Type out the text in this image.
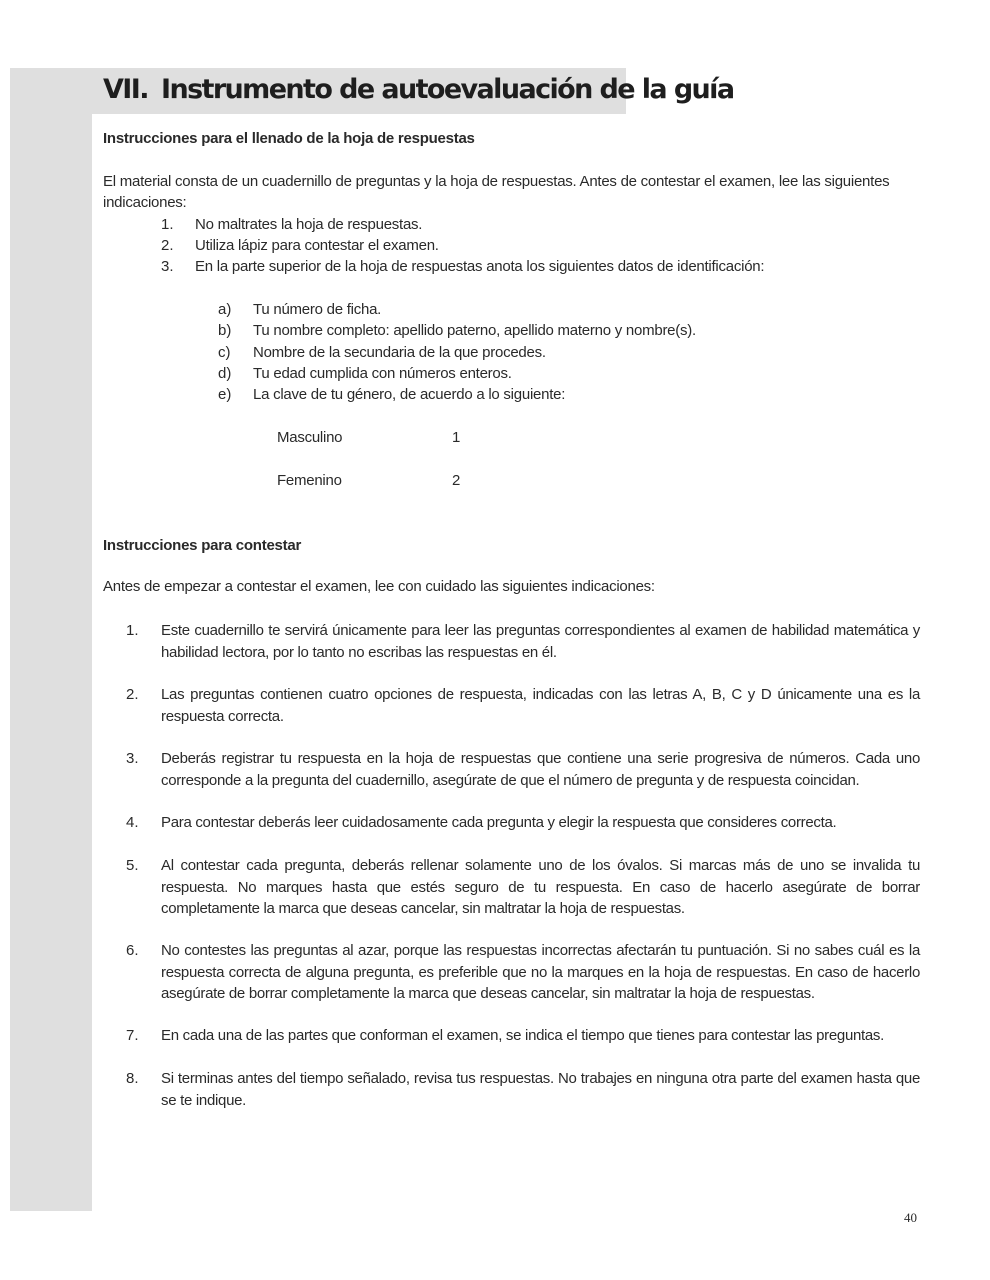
VII. Instrumento de autoevaluación de la guía

Instrucciones para el llenado de la hoja de respuestas

El material consta de un cuadernillo de preguntas y la hoja de respuestas. Antes de contestar el examen, lee las siguientes

indicaciones:

1. No maltrates la hoja de respuestas.
2. Utiliza lápiz para contestar el examen.
3. En la parte superior de la hoja de respuestas anota los siguientes datos de identificación:
a) Tu número de ficha.
b) Tu nombre completo: apellido paterno, apellido materno y nombre(s).
c) Nombre de la secundaria de la que procedes.
d) Tu edad cumplida con números enteros.
e) La clave de tu género, de acuerdo a lo siguiente:
Masculino	1
Femenino	2

Instrucciones para contestar

Antes de empezar a contestar el examen, lee con cuidado las siguientes indicaciones:

1. Este cuadernillo te servirá únicamente para leer las preguntas correspondientes al examen de habilidad matemática y habilidad lectora, por lo tanto no escribas las respuestas en él.

2. Las preguntas contienen cuatro opciones de respuesta, indicadas con las letras A, B, C y D únicamente una es la respuesta correcta.

3. Deberás registrar tu respuesta en la hoja de respuestas que contiene una serie progresiva de números. Cada uno corresponde a la pregunta del cuadernillo, asegúrate de que el número de pregunta y de respuesta coincidan.

4. Para contestar deberás leer cuidadosamente cada pregunta y elegir la respuesta que consideres correcta.

5. Al contestar cada pregunta, deberás rellenar solamente uno de los óvalos. Si marcas más de uno se invalida tu respuesta. No marques hasta que estés seguro de tu respuesta. En caso de hacerlo asegúrate de borrar completamente la marca que deseas cancelar, sin maltratar la hoja de respuestas.

6. No contestes las preguntas al azar, porque las respuestas incorrectas afectarán tu puntuación. Si no sabes cuál es la respuesta correcta de alguna pregunta, es preferible que no la marques en la hoja de respuestas. En caso de hacerlo asegúrate de borrar completamente la marca que deseas cancelar, sin maltratar la hoja de respuestas.

7. En cada una de las partes que conforman el examen, se indica el tiempo que tienes para contestar las preguntas.

8. Si terminas antes del tiempo señalado, revisa tus respuestas. No trabajes en ninguna otra parte del examen hasta que se te indique.

40
